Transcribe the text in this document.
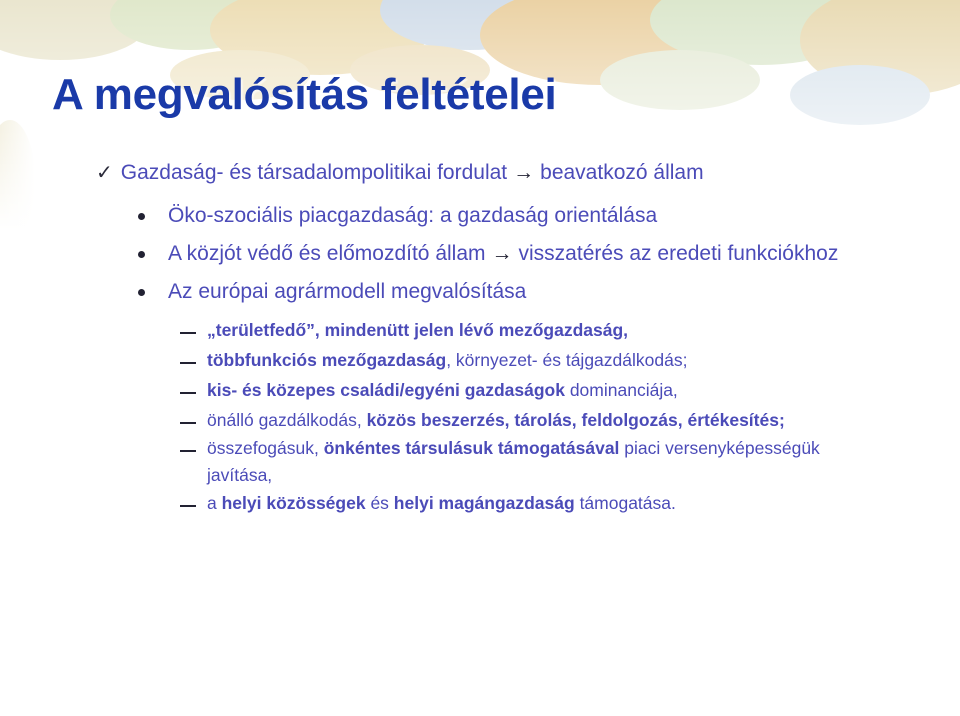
A megvalósítás feltételei
✓ Gazdaság- és társadalompolitikai fordulat → beavatkozó állam
Öko-szociális piacgazdaság: a gazdaság orientálása
A közjót védő és előmozdító állam → visszatérés az eredeti funkciókhoz
Az európai agrármodell megvalósítása
„területfedő”, mindenütt jelen lévő mezőgazdaság,
többfunkciós mezőgazdaság, környezet- és tájgazdálkodás;
kis- és közepes családi/egyéni gazdaságok dominanciája,
önálló gazdálkodás, közös beszerzés, tárolás, feldolgozás, értékesítés;
összefogásuk, önkéntes társulásuk támogatásával piaci versenyképességük
javítása,
a helyi közösségek és helyi magángazdaság támogatása.
